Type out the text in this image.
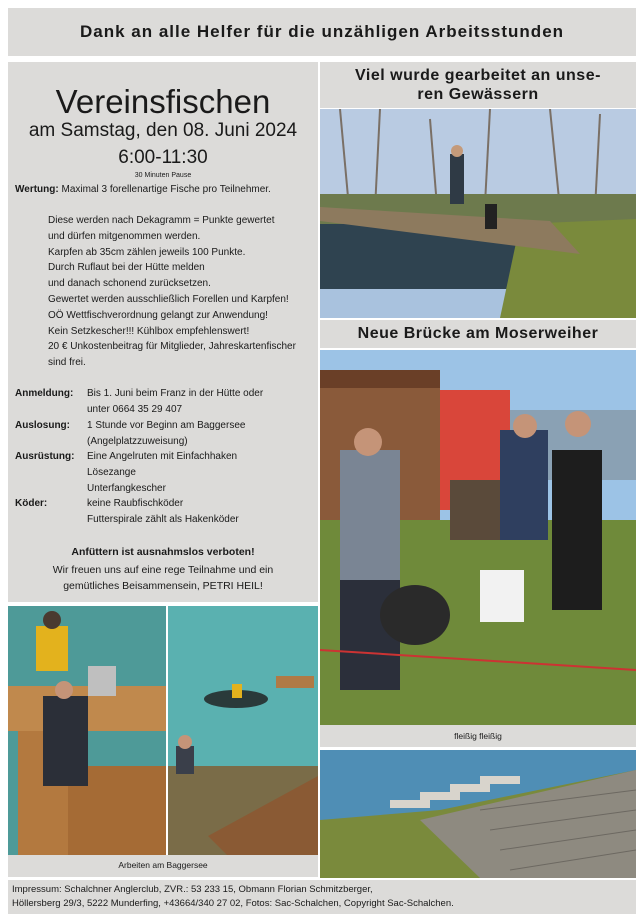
Dank an alle Helfer für die unzähligen Arbeitsstunden
Vereinsfischen
am Samstag, den 08. Juni 2024
6:00-11:30
30 Minuten Pause
Wertung: Maximal 3 forellenartige Fische pro Teilnehmer.
Diese werden nach Dekagramm = Punkte gewertet
und dürfen mitgenommen werden.
Karpfen ab 35cm zählen jeweils 100 Punkte.
Durch Ruflaut bei der Hütte melden
und danach schonend zurücksetzen.
Gewertet werden ausschließlich Forellen und Karpfen!
OÖ Wettfischverordnung gelangt zur Anwendung!
Kein Setzkescher!!! Kühlbox empfehlenswert!
20 € Unkostenbeitrag für Mitglieder, Jahreskartenfischer
sind frei.
Anmeldung: Bis 1. Juni beim Franz in der Hütte oder
unter 0664 35 29 407
Auslosung: 1 Stunde vor Beginn am Baggersee
(Angelplatzzuweisung)
Ausrüstung: Eine Angelruten mit Einfachhaken
Lösezange
Unterfangkescher
Köder:	keine Raubfischköder
Futterspirale zählt als Hakenköder
Anfüttern ist ausnahmslos verboten!
Wir freuen uns auf eine rege Teilnahme und ein
gemütliches Beisammensein, PETRI HEIL!
Viel wurde gearbeitet an unse-
ren Gewässern
Neue Brücke am Moserweiher
fleißig fleißig
Arbeiten am Baggersee
Impressum: Schalchner Anglerclub, ZVR.: 53 233 15, Obmann Florian Schmitzberger,
Höllersberg 29/3, 5222 Munderfing, +43664/340 27 02, Fotos: Sac-Schalchen, Copyright Sac-Schalchen.
